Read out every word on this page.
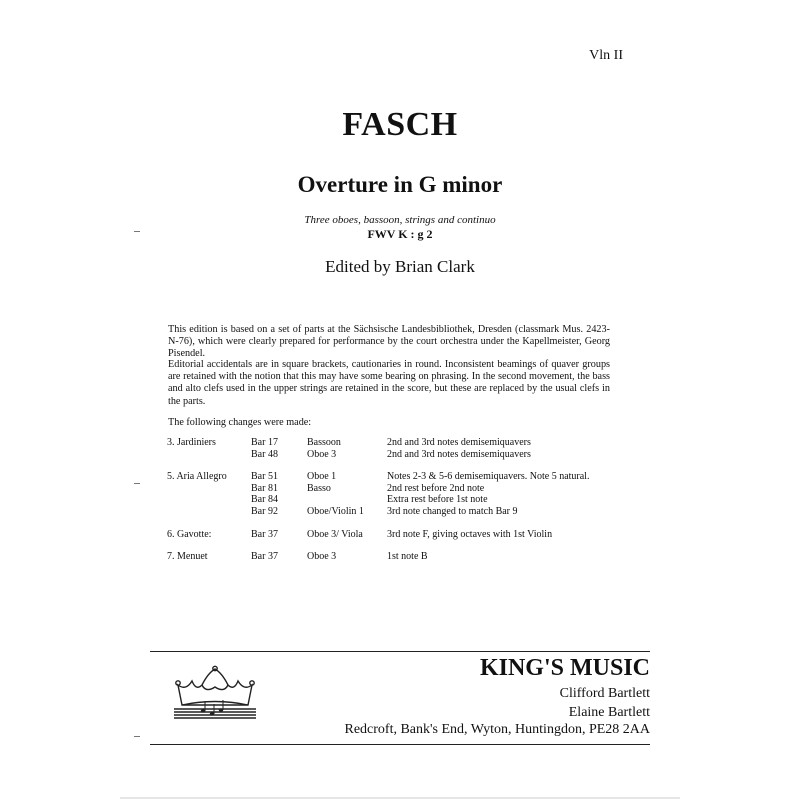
Vln II
FASCH
Overture in G minor
Three oboes, bassoon, strings and continuo
FWV K : g 2
Edited by Brian Clark
This edition is based on a set of parts at the Sächsische Landesbibliothek, Dresden (classmark Mus. 2423-N-76), which were clearly prepared for performance by the court orchestra under the Kapellmeister, Georg Pisendel.
Editorial accidentals are in square brackets, cautionaries in round. Inconsistent beamings of quaver groups are retained with the notion that this may have some bearing on phrasing. In the second movement, the bass and alto clefs used in the upper strings are retained in the score, but these are replaced by the usual clefs in the parts.
The following changes were made:
3. Jardiniers	Bar 17	Bassoon	2nd and 3rd notes demisemiquavers
	Bar 48	Oboe 3	2nd and 3rd notes demisemiquavers

5. Aria Allegro	Bar 51	Oboe 1	Notes 2-3 & 5-6 demisemiquavers. Note 5 natural.
	Bar 81	Basso	2nd rest before 2nd note
	Bar 84		Extra rest before 1st note
	Bar 92	Oboe/Violin 1	3rd note changed to match Bar 9

6. Gavotte:	Bar 37	Oboe 3/ Viola	3rd note F, giving octaves with 1st Violin

7. Menuet	Bar 37	Oboe 3	1st note B
KING'S MUSIC
Clifford Bartlett
Elaine Bartlett
Redcroft, Bank's End, Wyton, Huntingdon, PE28 2AA
